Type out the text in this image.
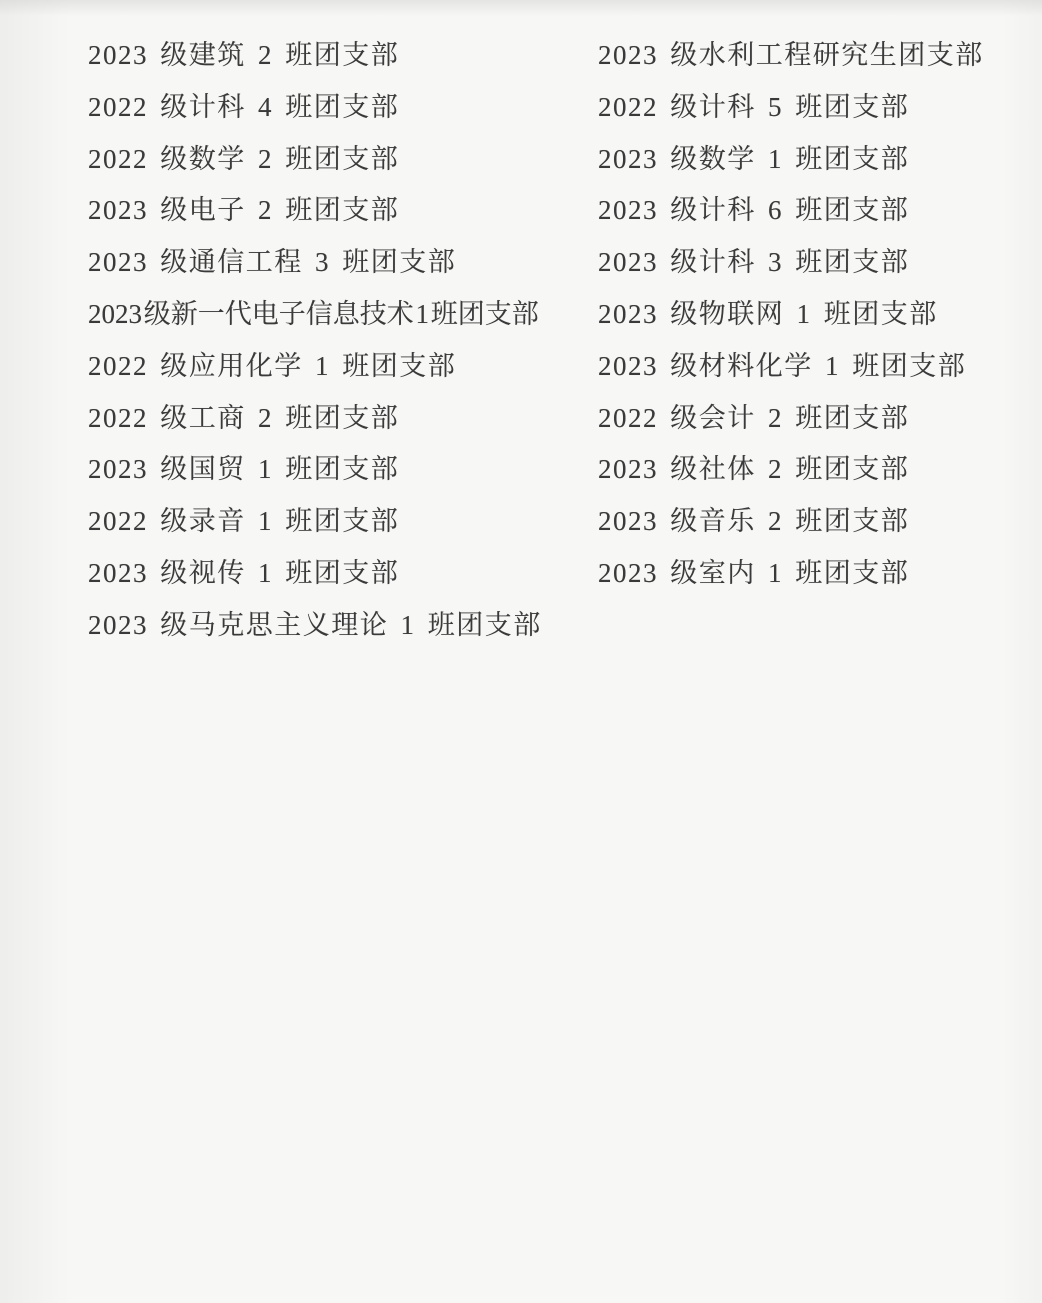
2023 级建筑 2 班团支部
2022 级计科 4 班团支部
2022 级数学 2 班团支部
2023 级电子 2 班团支部
2023 级通信工程 3 班团支部
2023 级新一代电子信息技术 1 班团支部
2022 级应用化学 1 班团支部
2022 级工商 2 班团支部
2023 级国贸 1 班团支部
2022 级录音 1 班团支部
2023 级视传 1 班团支部
2023 级马克思主义理论 1 班团支部
2023 级水利工程研究生团支部
2022 级计科 5 班团支部
2023 级数学 1 班团支部
2023 级计科 6 班团支部
2023 级计科 3 班团支部
2023 级物联网 1 班团支部
2023 级材料化学 1 班团支部
2022 级会计 2 班团支部
2023 级社体 2 班团支部
2023 级音乐 2 班团支部
2023 级室内 1 班团支部
